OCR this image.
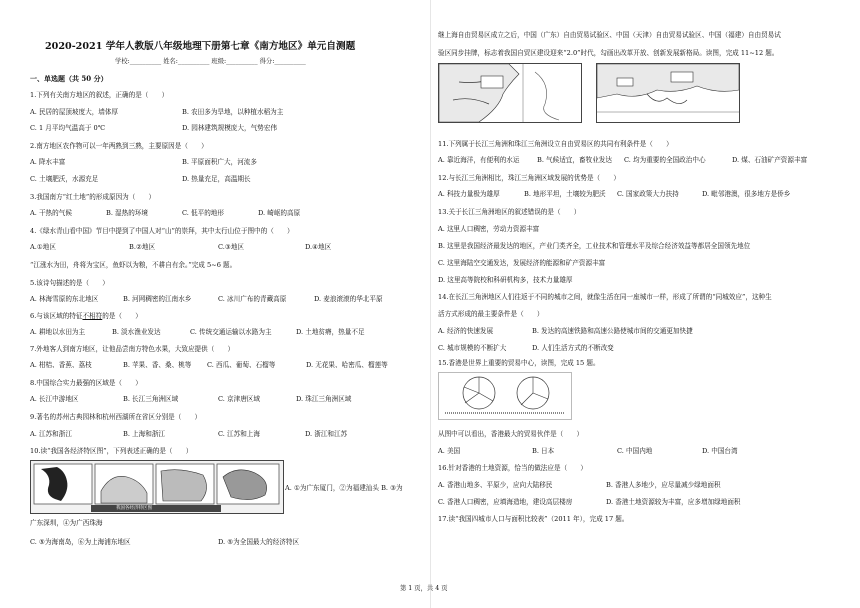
2020-2021 学年人教版八年级地理下册第七章《南方地区》单元自测题
学校:__________ 姓名:__________ 班级:__________ 得分:__________
一、单选题（共 50 分）
1.下列有关南方地区的叙述，正确的是（　　）
A. 民居的屋顶坡度大，墙体厚	B. 农田多为旱地，以种植水稻为主
C. 1 月平均气温高于 0℃	D. 园林建筑规模庞大，气势宏伟
2.南方地区农作物可以一年两熟到三熟，主要原因是（　　）
A. 降水丰富	B. 平原面积广大，河流多
C. 土壤肥沃，水源充足	D. 热量充足，高温期长
3.我国南方“红土地”的形成原因为（　　）
A. 干热的气候	B. 湿热的环境	C. 低平的地形	D. 崎岖的高原
4.《绿水青山看中国》节目中提到了中国人对“山”的崇拜，其中太行山位于图中的（　　）
A.①地区	B.②地区	C.③地区	D.④地区
“江涨水为田，舟将为宝区，鱼虾以为粮，不耕自有余。”完成 5~6 题。
5.该诗句描述的是（　　）
A. 林海雪原的东北地区	B. 河网稠密的江南水乡	C. 冰川广布的青藏高原	D. 麦浪滚滚的华北平原
6.与该区域的特征不相符的是（　　）
A. 耕地以水田为主	B. 淡水渔业发达	C. 传统交通运输以水路为主	D. 土地贫瘠，热量不足
7.外地客人到南方地区，让他品尝南方特色水果，大致应提供（　　）
A. 柑桔、香蕉、荔枝	B. 苹果、香、桑、桃等 C. 西瓜、葡萄、石榴等	D. 无花果、哈密瓜、榴莲等
8.中国综合实力最强的区域是（　　）
A. 长江中游地区	B. 长江三角洲区域	C. 京津唐区域	D. 珠江三角洲区域
9.著名的苏州古典园林和杭州西湖所在省区分别是（　　）
A. 江苏和浙江	B. 上海和浙江	C. 江苏和上海	D. 浙江和江苏
10.读“我国各经济特区图”，下列表述正确的是（　　）
我国各经济特区图
A. ①为广东厦门，②为福建汕头 B. ③为
广东深圳，④为广西珠海
C. ⑤为海南岛，⑥为上海浦东地区	D. ⑤为全国最大的经济特区
继上海自由贸易区成立之后，中国（广东）自由贸易试验区、中国（天津）自由贸易试验区、中国（福建）自由贸易试
验区同步挂牌，标志着我国自贸区建设迎来“2.0”时代，勾画出改革开放、创新发展新格局。读图，完成 11~12 题。
11.下列属于长江三角洲和珠江三角洲设立自由贸易区的共同有利条件是（　　）
A. 靠近海洋，有便利的水运	B. 气候适宜，畜牧业发达 C. 均为重要的全国政治中心	D. 煤、石油矿产资源丰富
12.与长江三角洲相比，珠江三角洲区域发展的优势是（　　）
A. 科技力量极为雄厚	B. 地形平坦，土壤较为肥沃 C. 国家政策大力扶持	D. 毗邻港澳，很多地方是侨乡
13.关于长江三角洲地区的叙述错误的是（　　）
A. 这里人口稠密，劳动力资源丰富
B. 这里是我国经济最发达的地区，产业门类齐全，工业技术和管理水平及综合经济效益等都居全国领先地位
C. 这里海陆空交通发达，发展经济的能源和矿产资源丰富
D. 这里高等院校和科研机构多，技术力量雄厚
14.在长江三角洲地区人们往返于不同的城市之间，就像生活在同一座城市一样，形成了所谓的“同城效应”，这种生
活方式形成的最主要条件是（　　）
A. 经济的快速发展	B. 发达的高速铁路和高速公路使城市间的交通更加快捷
C. 城市规模的不断扩大	D. 人们生活方式的不断改变
15.香港是世界上重要的贸易中心，读图，完成 15 题。
从图中可以看出，香港最大的贸易伙伴是（　　）
A. 美国	B. 日本	C. 中国内地	D. 中国台湾
16.针对香港的土地资源，恰当的做法应是（　　）
A. 香港山地多、平原少，应向大陆移民	B. 香港人多地少，应尽量减少绿地面积
C. 香港人口稠密，应填海造地，建设高层楼房	D. 香港土地资源较为丰富，应多增加绿地面积
17.读“我国四城市人口与面积比较表”（2011 年），完成 17 题。
第 1 页，共 4 页
